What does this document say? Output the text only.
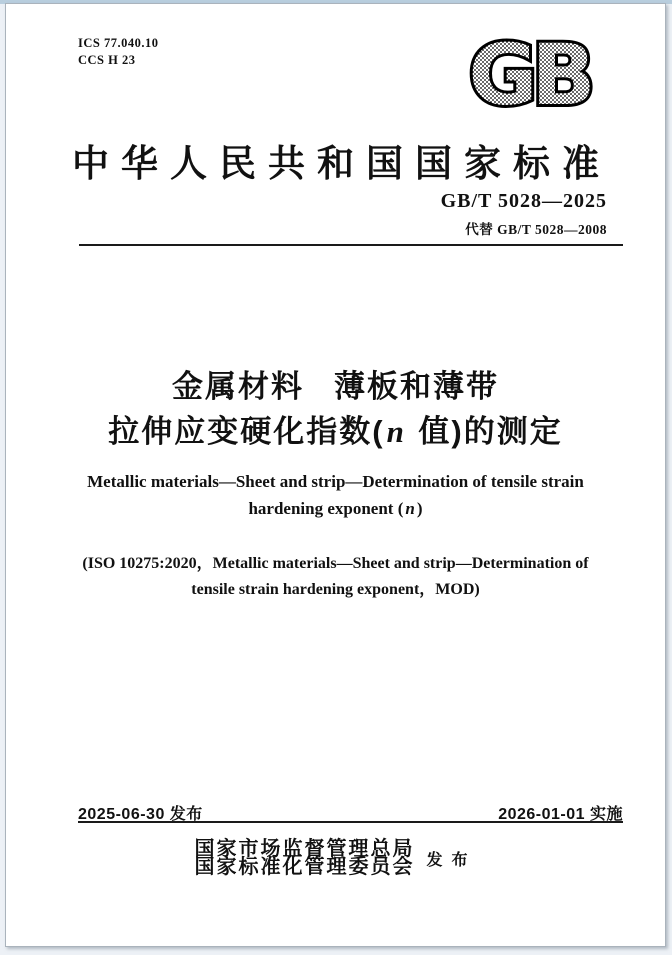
ICS 77.040.10
CCS H 23	GB
中华人民共和国国家标准
GB/T 5028—2025
代替 GB/T 5028—2008
金属材料 薄板和薄带
拉伸应变硬化指数(n 值)的测定
Metallic materials—Sheet and strip—Determination of tensile strain
hardening exponent ( n )
(ISO 10275:2020，Metallic materials—Sheet and strip—Determination of
tensile strain hardening exponent，MOD)
2025-06-30 发布	2026-01-01 实施
国家市场监督管理总局
国家标准化管理委员会 发布
